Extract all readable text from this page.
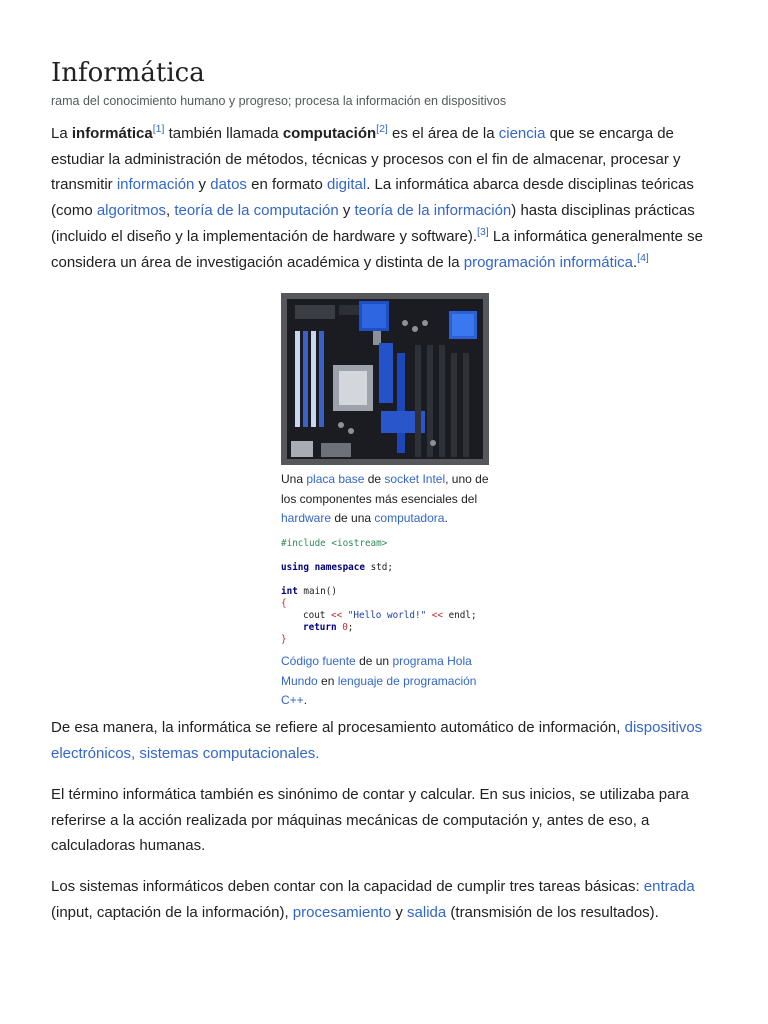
Informática

rama del conocimiento humano y progreso; procesa la información en dispositivos

La informática[1] también llamada computación[2] es el área de la ciencia que se encarga de estudiar la administración de métodos, técnicas y procesos con el fin de almacenar, procesar y transmitir información y datos en formato digital. La informática abarca desde disciplinas teóricas (como algoritmos, teoría de la computación y teoría de la información) hasta disciplinas prácticas (incluido el diseño y la implementación de hardware y software).[3] La informática generalmente se considera un área de investigación académica y distinta de la programación informática.[4]

Una placa base de socket Intel, uno de los componentes más esenciales del hardware de una computadora.

#include <iostream>
using namespace std;
int main()
{
cout << "Hello world!" << endl;
return 0;
}

Código fuente de un programa Hola Mundo en lenguaje de programación C++.

De esa manera, la informática se refiere al procesamiento automático de información, dispositivos electrónicos, sistemas computacionales.

El término informática también es sinónimo de contar y calcular. En sus inicios, se utilizaba para referirse a la acción realizada por máquinas mecánicas de computación y, antes de eso, a calculadoras humanas.

Los sistemas informáticos deben contar con la capacidad de cumplir tres tareas básicas: entrada (input, captación de la información), procesamiento y salida (transmisión de los resultados).
